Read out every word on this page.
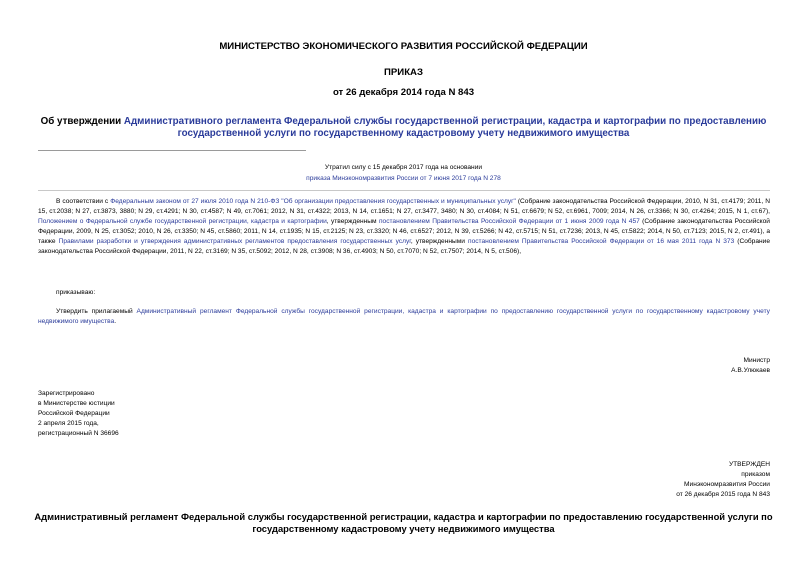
МИНИСТЕРСТВО ЭКОНОМИЧЕСКОГО РАЗВИТИЯ РОССИЙСКОЙ ФЕДЕРАЦИИ
ПРИКАЗ
от 26 декабря 2014 года N 843
Об утверждении Административного регламента Федеральной службы государственной регистрации, кадастра и картографии по предоставлению
государственной услуги по государственному кадастровому учету недвижимого имущества
Утратил силу с 15 декабря 2017 года на основании
приказа Минэкономразвития России от 7 июня 2017 года N 278
В соответствии с Федеральным законом от 27 июля 2010 года N 210-ФЗ "Об организации предоставления государственных и муниципальных услуг" (Собрание законодательства Российской Федерации, 2010, N 31, ст.4179; 2011, N 15, ст.2038; N 27, ст.3873, 3880; N 29, ст.4291; N 30, ст.4587; N 49, ст.7061; 2012, N 31, ст.4322; 2013, N 14, ст.1651; N 27, ст.3477, 3480; N 30, ст.4084; N 51, ст.6679; N 52, ст.6961, 7009; 2014, N 26, ст.3366; N 30, ст.4264; 2015, N 1, ст.67), Положением о Федеральной службе государственной регистрации, кадастра и картографии, утвержденным постановлением Правительства Российской Федерации от 1 июня 2009 года N 457 (Собрание законодательства Российской Федерации, 2009, N 25, ст.3052; 2010, N 26, ст.3350; N 45, ст.5860; 2011, N 14, ст.1935; N 15, ст.2125; N 23, ст.3320; N 46, ст.6527; 2012, N 39, ст.5266; N 42, ст.5715; N 51, ст.7236; 2013, N 45, ст.5822; 2014, N 50, ст.7123; 2015, N 2, ст.491), а также Правилами разработки и утверждения административных регламентов предоставления государственных услуг, утвержденными постановлением Правительства Российской Федерации от 16 мая 2011 года N 373 (Собрание законодательства Российской Федерации, 2011, N 22, ст.3169; N 35, ст.5092; 2012, N 28, ст.3908; N 36, ст.4903; N 50, ст.7070; N 52, ст.7507; 2014, N 5, ст.506),
приказываю:
Утвердить прилагаемый Административный регламент Федеральной службы государственной регистрации, кадастра и картографии по предоставлению государственной услуги по государственному кадастровому учету недвижимого имущества.
Министр
А.В.Улюкаев
Зарегистрировано
в Министерстве юстиции
Российской Федерации
2 апреля 2015 года,
регистрационный N 36696
УТВЕРЖДЕН
приказом
Минэкономразвития России
от 26 декабря 2015 года N 843
Административный регламент Федеральной службы государственной регистрации, кадастра и картографии по предоставлению государственной услуги по
государственному кадастровому учету недвижимого имущества
